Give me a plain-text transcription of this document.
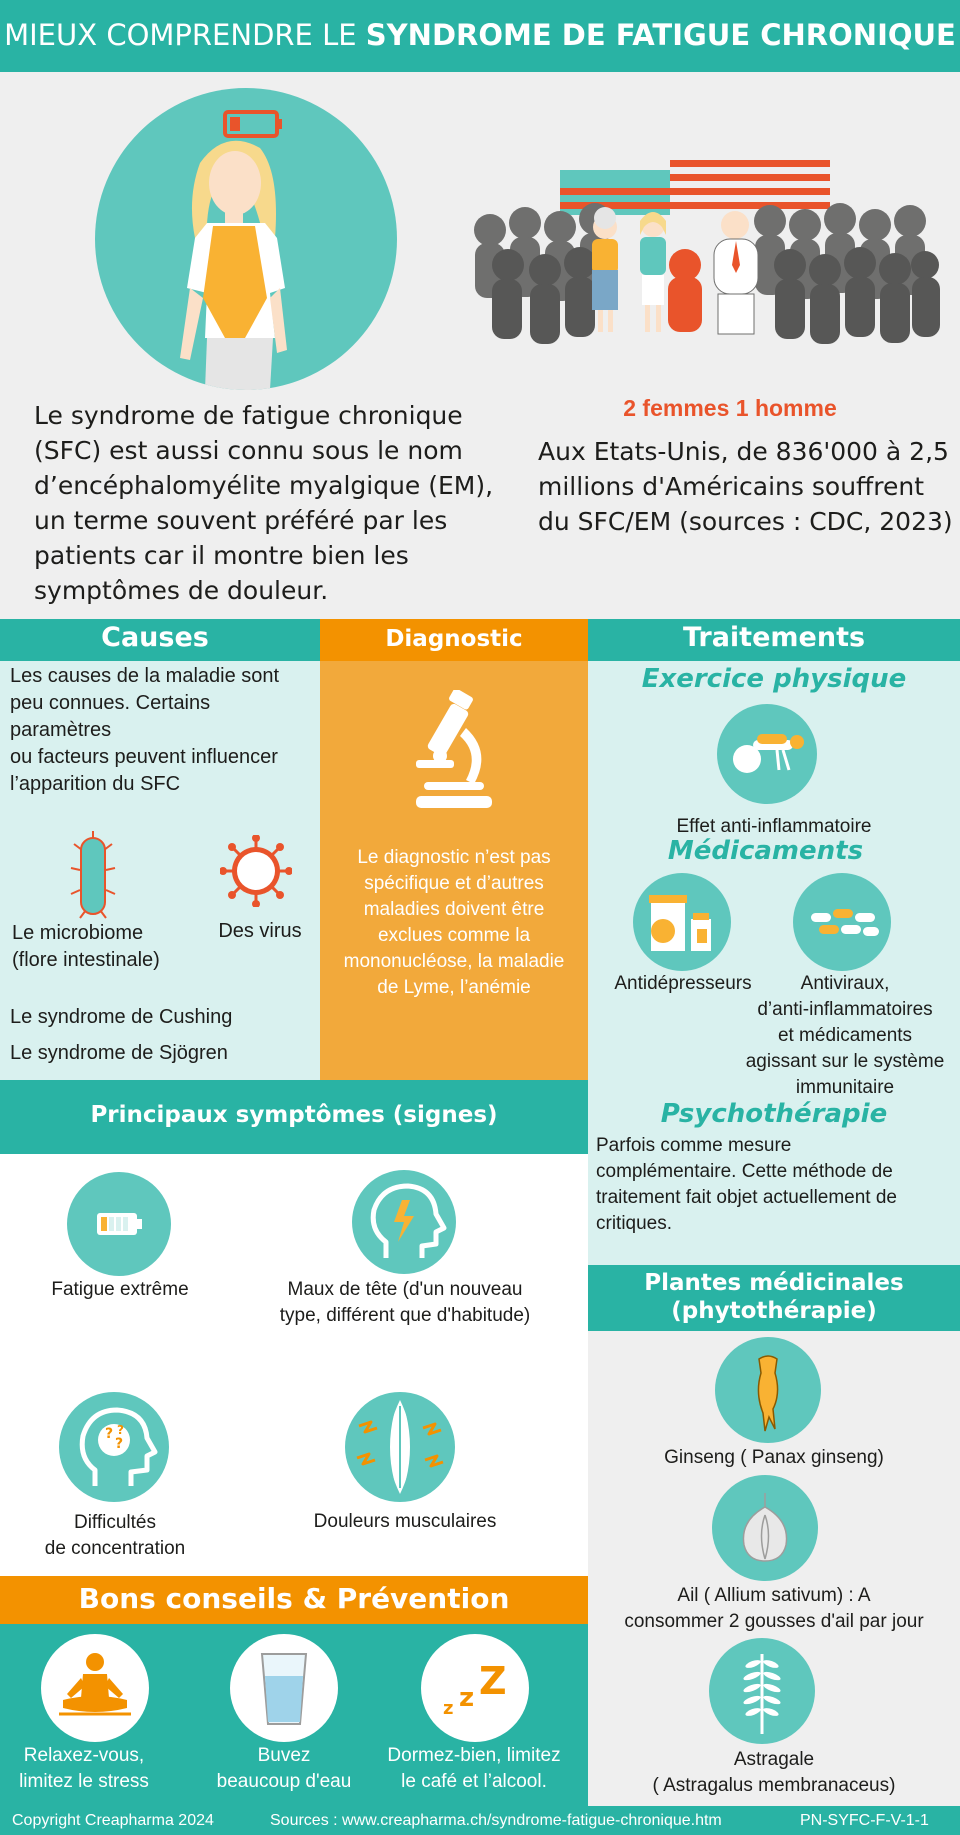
MIEUX COMPRENDRE LE SYNDROME DE FATIGUE CHRONIQUE
Le syndrome de fatigue chronique (SFC) est aussi connu sous le nom d’encéphalomyélite myalgique (EM), un terme souvent préféré par les patients car il montre bien les symptômes de douleur.
2 femmes 1 homme
Aux Etats-Unis, de 836'000 à 2,5 millions d'Américains souffrent du SFC/EM (sources : CDC, 2023)
Causes
Les causes de la maladie sont
peu connues. Certains
paramètres
ou facteurs peuvent influencer
l’apparition du SFC
Le microbiome
(flore intestinale)
Des virus
Le syndrome de Cushing
Le syndrome de Sjögren
Diagnostic
Le diagnostic n’est pas
spécifique et d’autres
maladies doivent être
exclues comme la
mononucléose, la maladie
de Lyme, l’anémie
Traitements
Exercice physique
Effet anti-inflammatoire
Médicaments
Antidépresseurs	Antiviraux,
d’anti-inflammatoires
et médicaments
agissant sur le système
immunitaire
Psychothérapie
Parfois comme mesure
complémentaire. Cette méthode de
traitement fait objet actuellement de
critiques.
Principaux symptômes (signes)
Fatigue extrême	Maux de tête (d'un nouveau
type, différent que d'habitude)
?
?
?
Difficultés
de concentration
Douleurs musculaires
Plantes médicinales
(phytothérapie)
Ginseng ( Panax ginseng)
Ail ( Allium sativum) : A
consommer 2 gousses d'ail par jour
Astragale
( Astragalus membranaceus)
Bons conseils & Prévention
Relaxez-vous,
limitez le stress
Buvez
beaucoup d'eau
z z Z
Dormez-bien, limitez
le café et l’alcool.
Copyright Creapharma 2024	Sources : www.creapharma.ch/syndrome-fatigue-chronique.htm	PN-SYFC-F-V-1-1
